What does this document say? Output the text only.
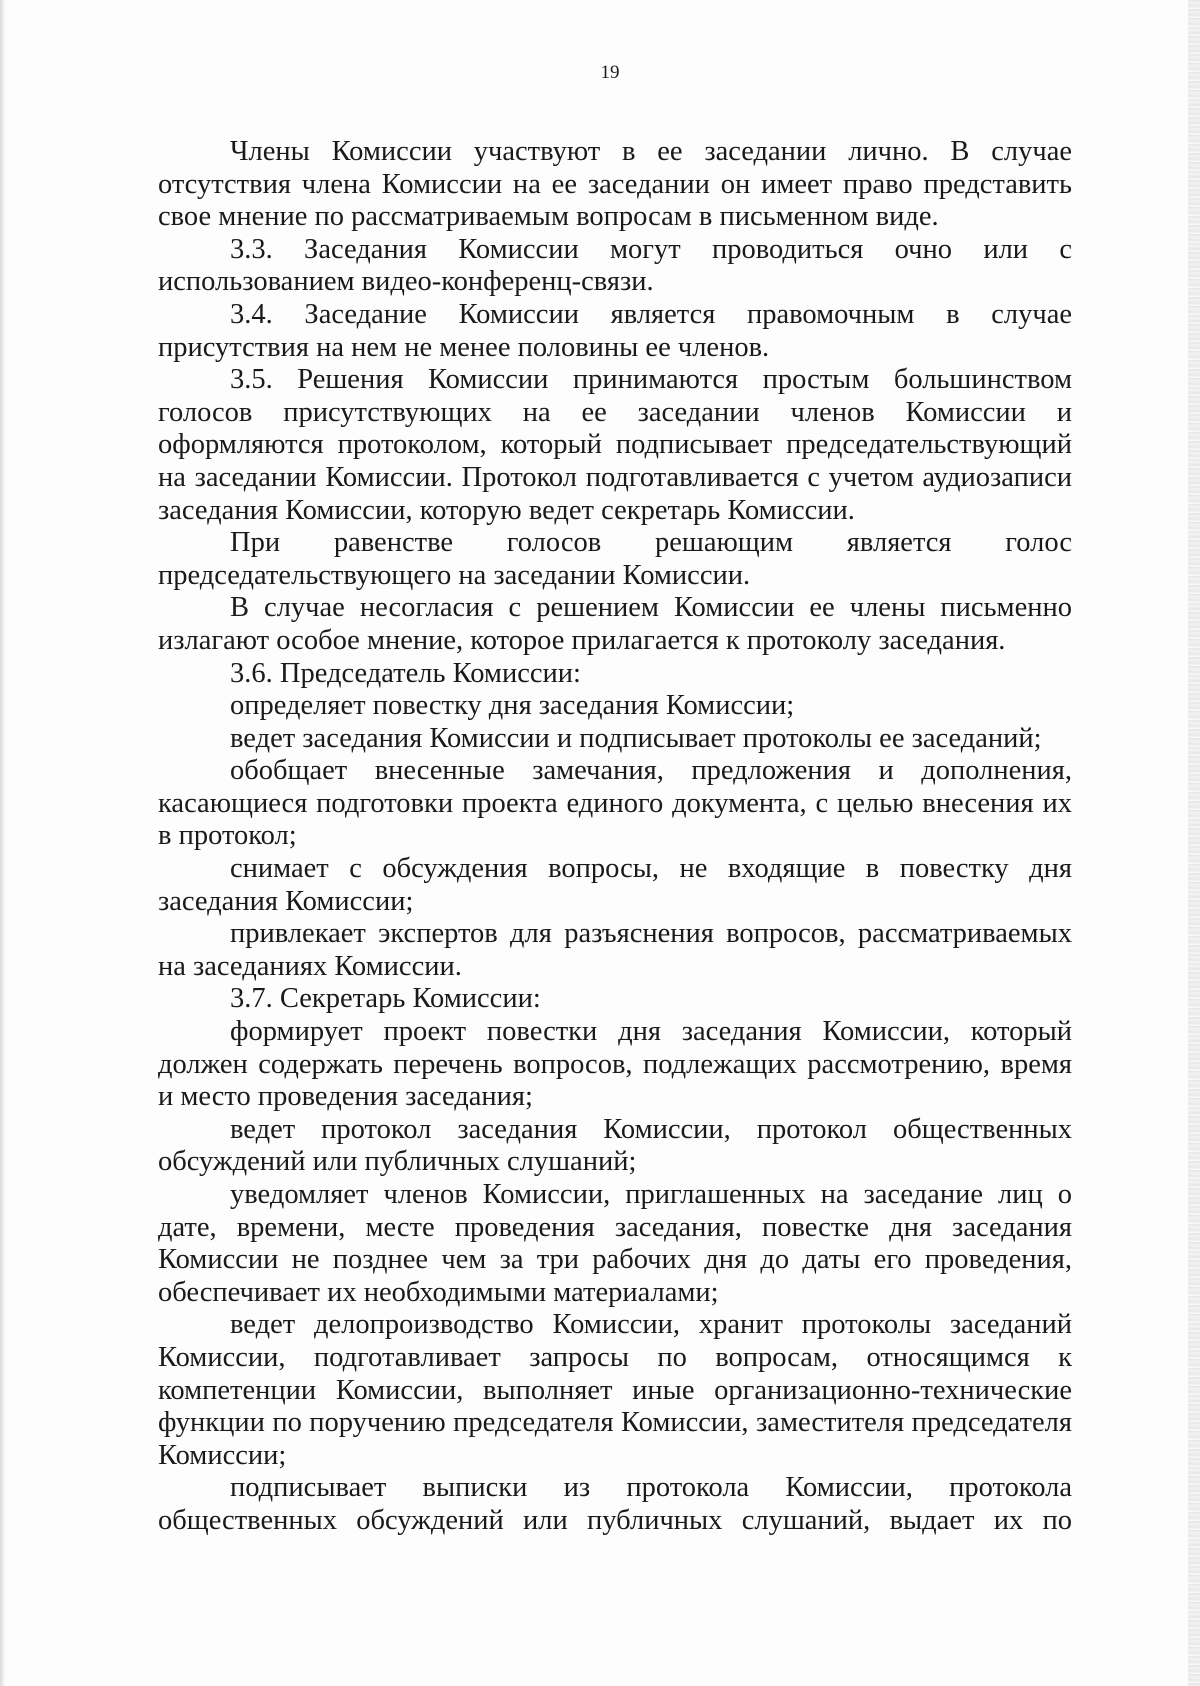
19

Члены Комиссии участвуют в ее заседании лично. В случае отсутствия члена Комиссии на ее заседании он имеет право представить свое мнение по рассматриваемым вопросам в письменном виде.

3.3. Заседания Комиссии могут проводиться очно или с использованием видео-конференц-связи.

3.4. Заседание Комиссии является правомочным в случае присутствия на нем не менее половины ее членов.

3.5. Решения Комиссии принимаются простым большинством голосов присутствующих на ее заседании членов Комиссии и оформляются протоколом, который подписывает председательствующий на заседании Комиссии. Протокол подготавливается с учетом аудиозаписи заседания Комиссии, которую ведет секретарь Комиссии.

При равенстве голосов решающим является голос председательствующего на заседании Комиссии.

В случае несогласия с решением Комиссии ее члены письменно излагают особое мнение, которое прилагается к протоколу заседания.

3.6. Председатель Комиссии:

определяет повестку дня заседания Комиссии;

ведет заседания Комиссии и подписывает протоколы ее заседаний;

обобщает внесенные замечания, предложения и дополнения, касающиеся подготовки проекта единого документа, с целью внесения их в протокол;

снимает с обсуждения вопросы, не входящие в повестку дня заседания Комиссии;

привлекает экспертов для разъяснения вопросов, рассматриваемых на заседаниях Комиссии.

3.7. Секретарь Комиссии:

формирует проект повестки дня заседания Комиссии, который должен содержать перечень вопросов, подлежащих рассмотрению, время и место проведения заседания;

ведет протокол заседания Комиссии, протокол общественных обсуждений или публичных слушаний;

уведомляет членов Комиссии, приглашенных на заседание лиц о дате, времени, месте проведения заседания, повестке дня заседания Комиссии не позднее чем за три рабочих дня до даты его проведения, обеспечивает их необходимыми материалами;

ведет делопроизводство Комиссии, хранит протоколы заседаний Комиссии, подготавливает запросы по вопросам, относящимся к компетенции Комиссии, выполняет иные организационно-технические функции по поручению председателя Комиссии, заместителя председателя Комиссии;

подписывает выписки из протокола Комиссии, протокола общественных обсуждений или публичных слушаний, выдает их по
